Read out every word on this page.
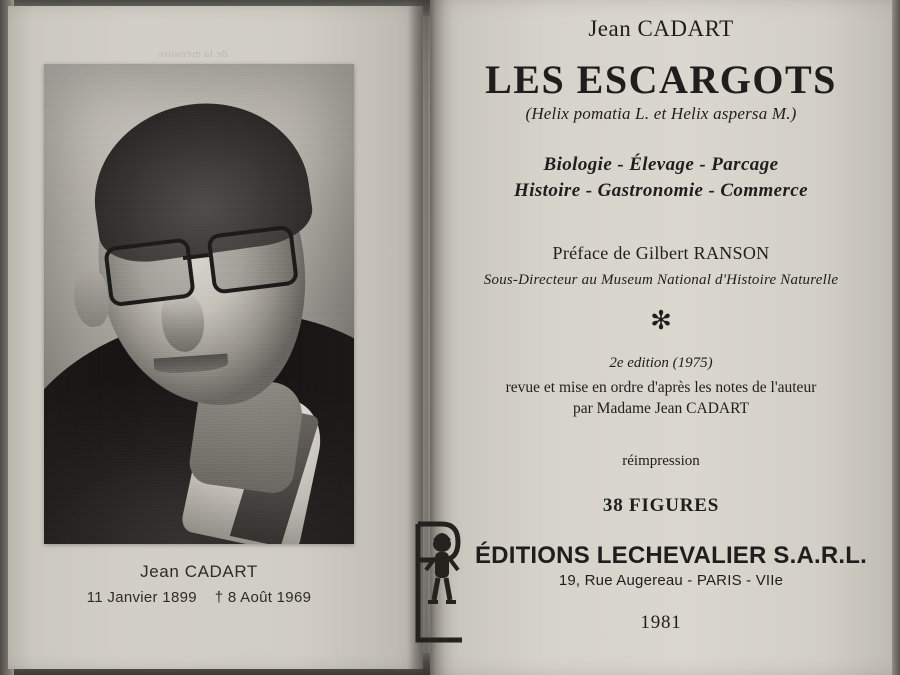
de la mémoire
Jean CADART
11 Janvier 1899    † 8 Août 1969
Jean CADART
LES ESCARGOTS
(Helix pomatia L. et Helix aspersa M.)
Biologie - Élevage - Parcage
Histoire - Gastronomie - Commerce
Préface de Gilbert RANSON
Sous-Directeur au Museum National d'Histoire Naturelle
✻
2e edition (1975)
revue et mise en ordre d'après les notes de l'auteur
par Madame Jean CADART
réimpression
38 FIGURES
ÉDITIONS LECHEVALIER S.A.R.L.
19, Rue Augereau - PARIS - VIIe
1981
